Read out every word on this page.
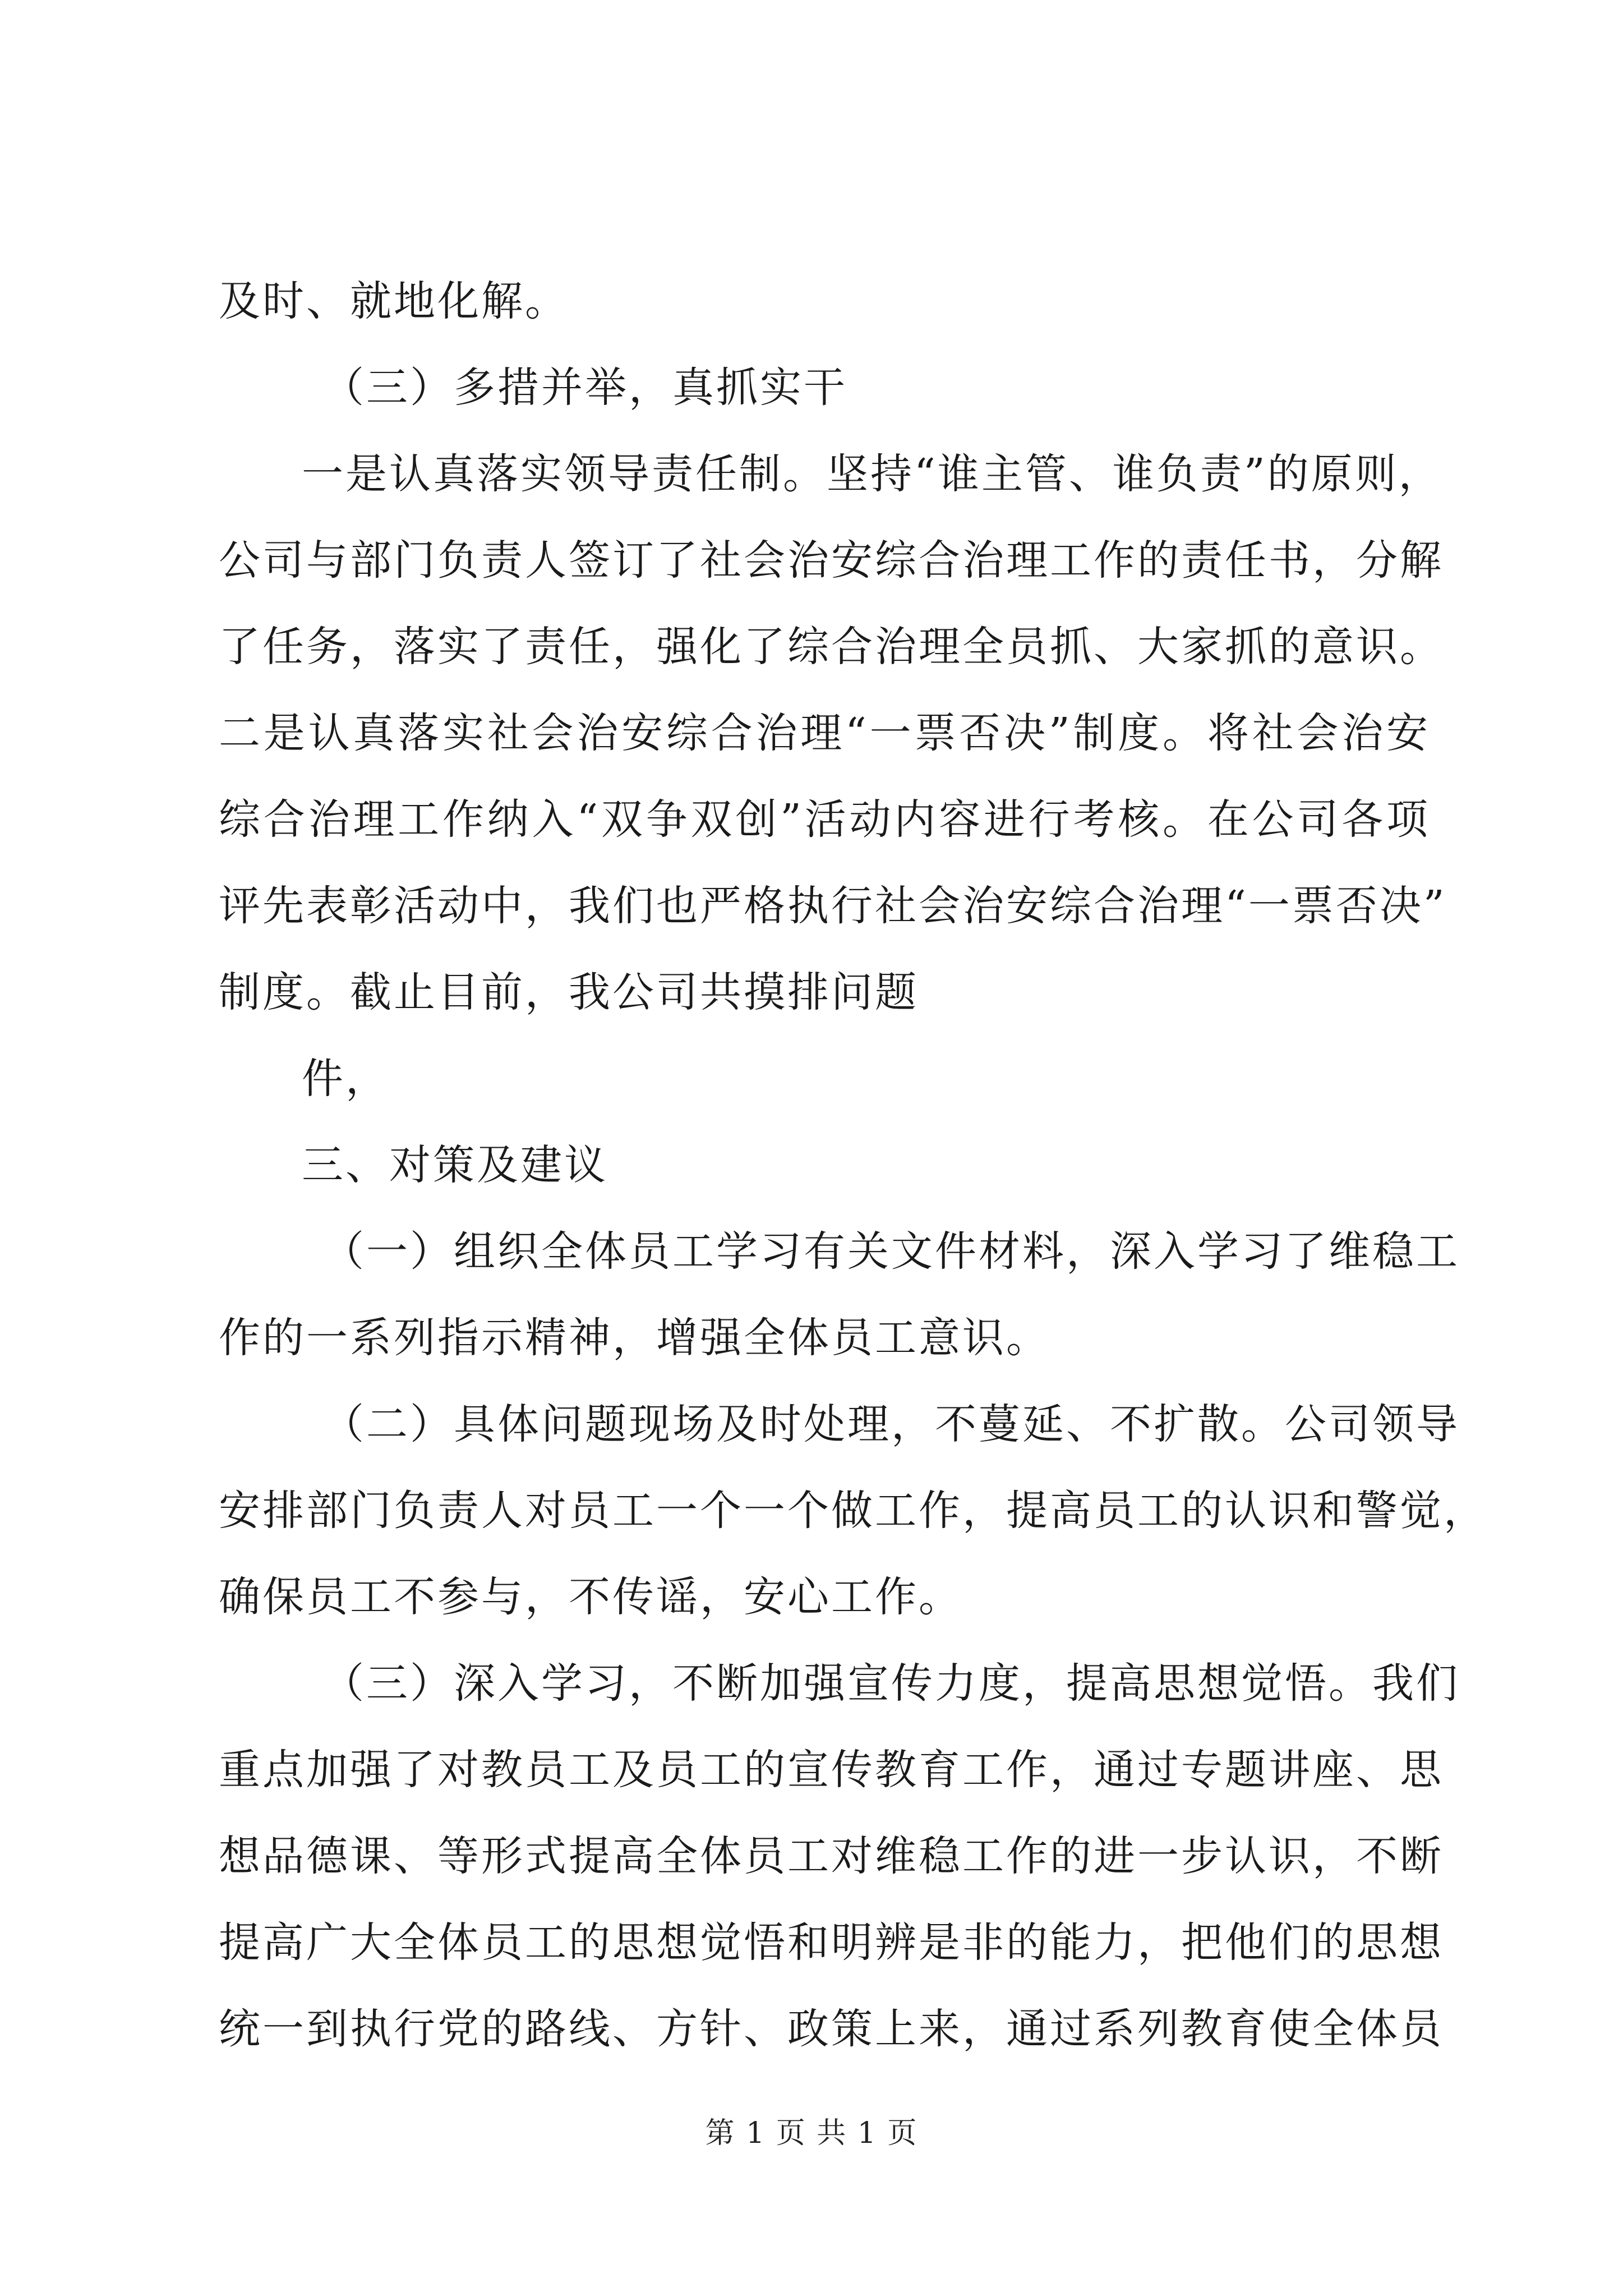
及时、就地化解。
（三）多措并举，真抓实干
一是认真落实领导责任制。坚持“谁主管、谁负责”的原则，
公司与部门负责人签订了社会治安综合治理工作的责任书，分解
了任务，落实了责任，强化了综合治理全员抓、大家抓的意识。
二是认真落实社会治安综合治理“一票否决”制度。将社会治安
综合治理工作纳入“双争双创”活动内容进行考核。在公司各项
评先表彰活动中，我们也严格执行社会治安综合治理“一票否决”
制度。截止目前，我公司共摸排问题
件，
三、对策及建议
（一）组织全体员工学习有关文件材料，深入学习了维稳工
作的一系列指示精神，增强全体员工意识。
（二）具体问题现场及时处理，不蔓延、不扩散。公司领导
安排部门负责人对员工一个一个做工作，提高员工的认识和警觉，
确保员工不参与，不传谣，安心工作。
（三）深入学习，不断加强宣传力度，提高思想觉悟。我们
重点加强了对教员工及员工的宣传教育工作，通过专题讲座、思
想品德课、等形式提高全体员工对维稳工作的进一步认识，不断
提高广大全体员工的思想觉悟和明辨是非的能力，把他们的思想
统一到执行党的路线、方针、政策上来，通过系列教育使全体员
第 1 页 共 1 页
